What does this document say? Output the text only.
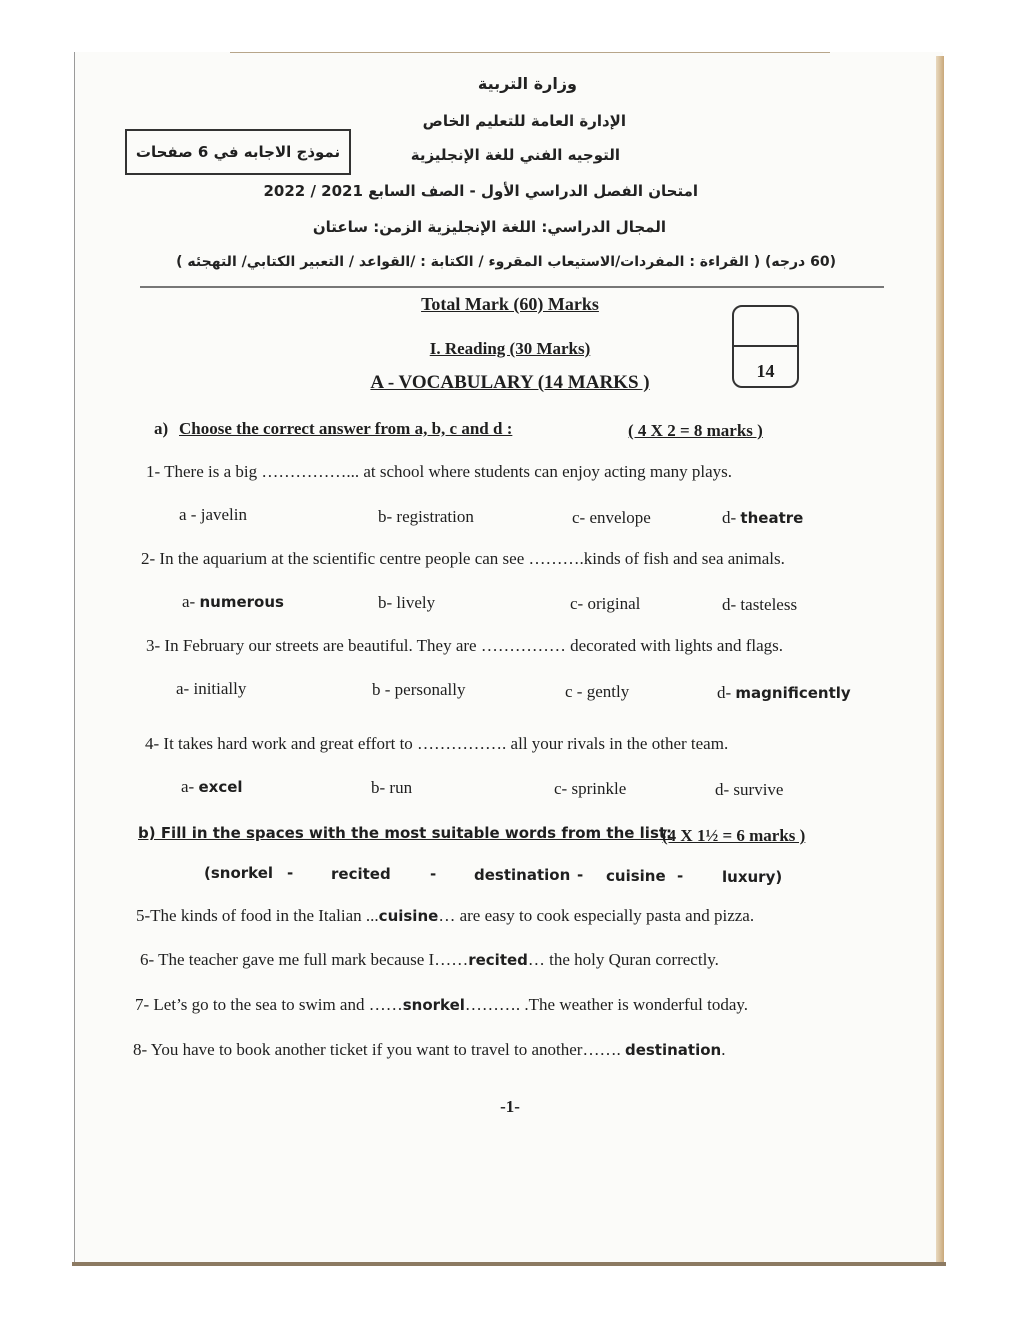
وزارة التربية
الإدارة العامة للتعليم الخاص
التوجيه الفني للغة الإنجليزية
نموذج الاجابه في 6 صفحات
امتحان الفصل الدراسي الأول - الصف السابع 2021 / 2022
المجال الدراسي: اللغة الإنجليزية الزمن: ساعتان
(60 درجه) ( القراءة : المفردات/الاستيعاب المقروء / الكتابة : /القواعد / التعبير الكتابي/ التهجئه )
Total Mark (60) Marks
I. Reading (30 Marks)
A - VOCABULARY (14 MARKS )
14
a) Choose the correct answer from a, b, c and d :	( 4 X 2 = 8 marks )
1- There is a big ……………... at school where students can enjoy acting many plays.
a - javelin	b- registration	c- envelope	d- theatre
2- In the aquarium at the scientific centre people can see ……….kinds of fish and sea animals.
a- numerous	b- lively	c- original	d- tasteless
3- In February our streets are beautiful. They are …………… decorated with lights and flags.
a- initially	b - personally	c - gently	d- magnificently
4- It takes hard work and great effort to ……………. all your rivals in the other team.
a- excel	b- run	c- sprinkle	d- survive
b) Fill in the spaces with the most suitable words from the list:
(4 X 1½ = 6 marks )
(snorkel -	recited	-	destination - cuisine -	luxury)
5-The kinds of food in the Italian ...cuisine… are easy to cook especially pasta and pizza.
6- The teacher gave me full mark because I……recited… the holy Quran correctly.
7- Let’s go to the sea to swim and ……snorkel………. .The weather is wonderful today.
8- You have to book another ticket if you want to travel to another……. destination.
-1-
